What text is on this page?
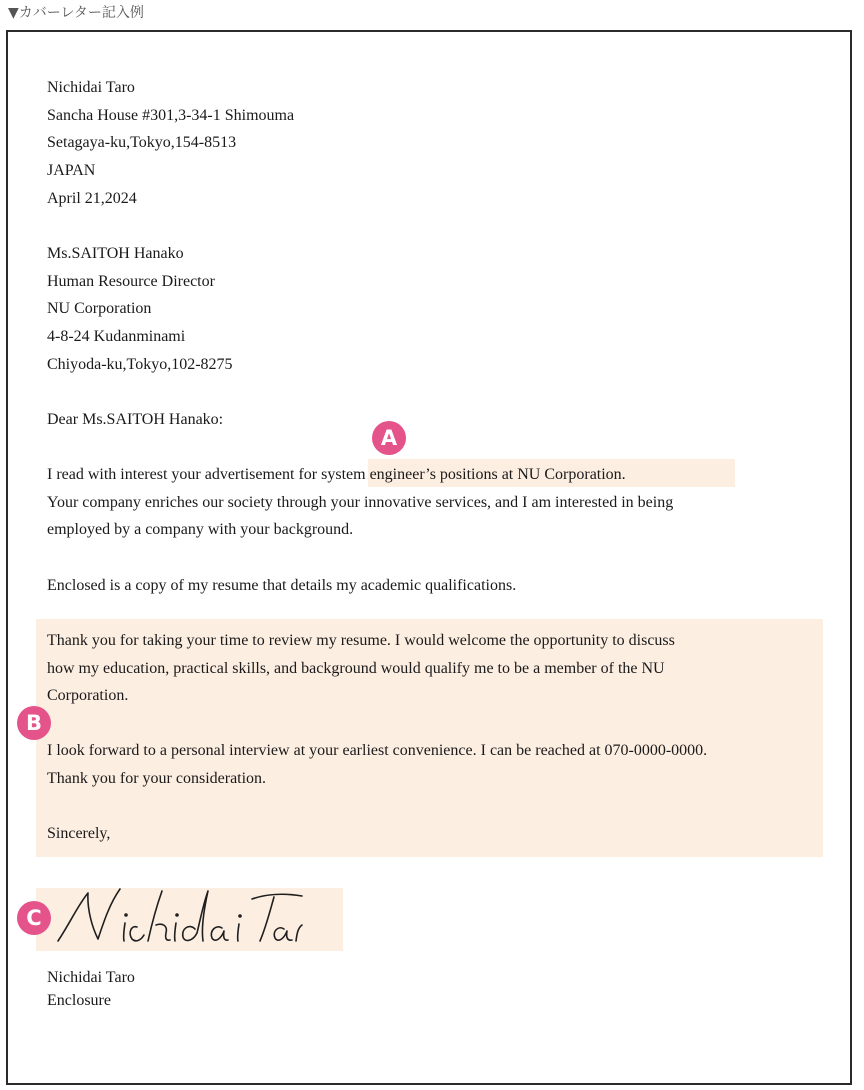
▼カバーレター記入例
Nichidai Taro
Sancha House #301,3-34-1 Shimouma
Setagaya-ku,Tokyo,154-8513
JAPAN
April 21,2024
Ms.SAITOH Hanako
Human Resource Director
NU Corporation
4-8-24 Kudanminami
Chiyoda-ku,Tokyo,102-8275
Dear Ms.SAITOH Hanako:
I read with interest your advertisement for system engineer’s positions at NU Corporation.
Your company enriches our society through your innovative services, and I am interested in being
employed by a company with your background.
Enclosed is a copy of my resume that details my academic qualifications.
Thank you for taking your time to review my resume. I would welcome the opportunity to discuss
how my education, practical skills, and background would qualify me to be a member of the NU
Corporation.
I look forward to a personal interview at your earliest convenience. I can be reached at 070-0000-0000.
Thank you for your consideration.
Sincerely,
Nichidai Taro
Enclosure
A
B
C
